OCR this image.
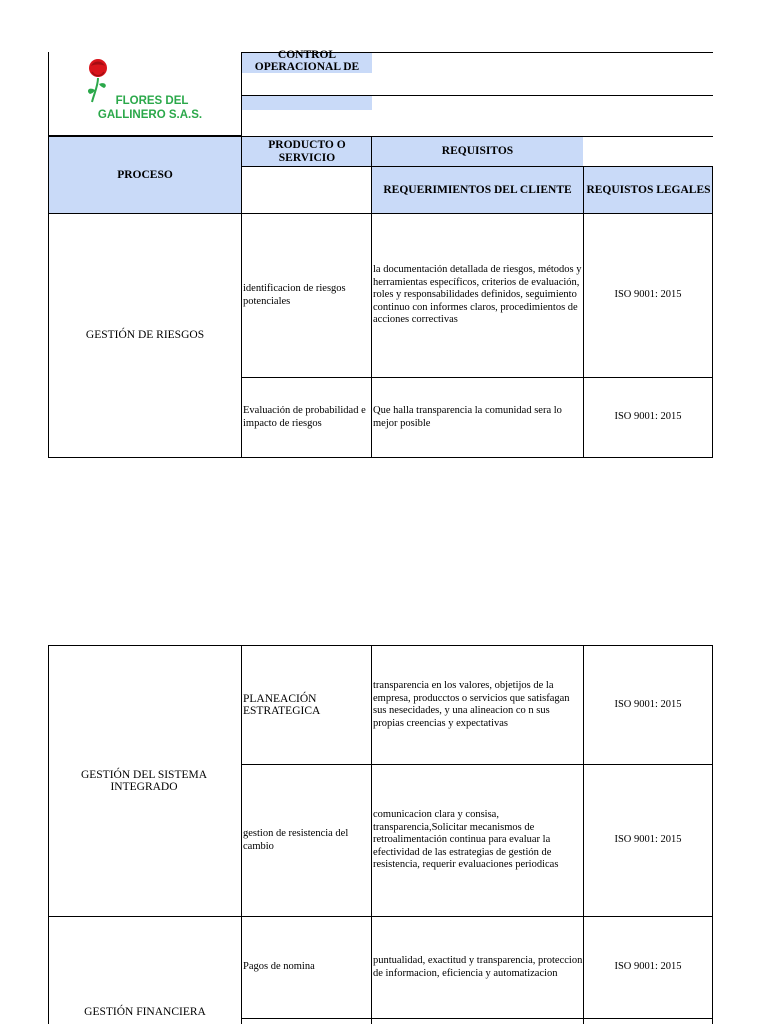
FLORES DEL
GALLINERO S.A.S.
CONTROL
OPERACIONAL DE
PROCESO
PRODUCTO O
SERVICIO
REQUISITOS
REQUERIMIENTOS DEL CLIENTE	REQUISTOS LEGALES
GESTIÓN DE RIESGOS
identificacion de riesgos potenciales
la documentación detallada de riesgos, métodos y herramientas específicos, criterios de evaluación, roles y responsabilidades definidos, seguimiento continuo con informes claros, procedimientos de acciones correctivas
ISO 9001: 2015
Evaluación de probabilidad e impacto de riesgos
Que halla transparencia la comunidad sera lo mejor posible
ISO 9001: 2015
GESTIÓN DEL SISTEMA INTEGRADO
PLANEACIÓN ESTRATEGICA
transparencia en los valores, objetijos de la empresa, producctos o servicios que satisfagan sus nesecidades, y una alineacion co n sus propias creencias y expectativas
ISO 9001: 2015
gestion de resistencia del cambio
comunicacion clara y consisa, transparencia,Solicitar mecanismos de retroalimentación continua para evaluar la efectividad de las estrategias de gestión de resistencia, requerir evaluaciones periodicas
ISO 9001: 2015
GESTIÓN FINANCIERA
Pagos de nomina
puntualidad, exactitud y transparencia, proteccion de informacion, eficiencia y automatizacion
ISO 9001: 2015
